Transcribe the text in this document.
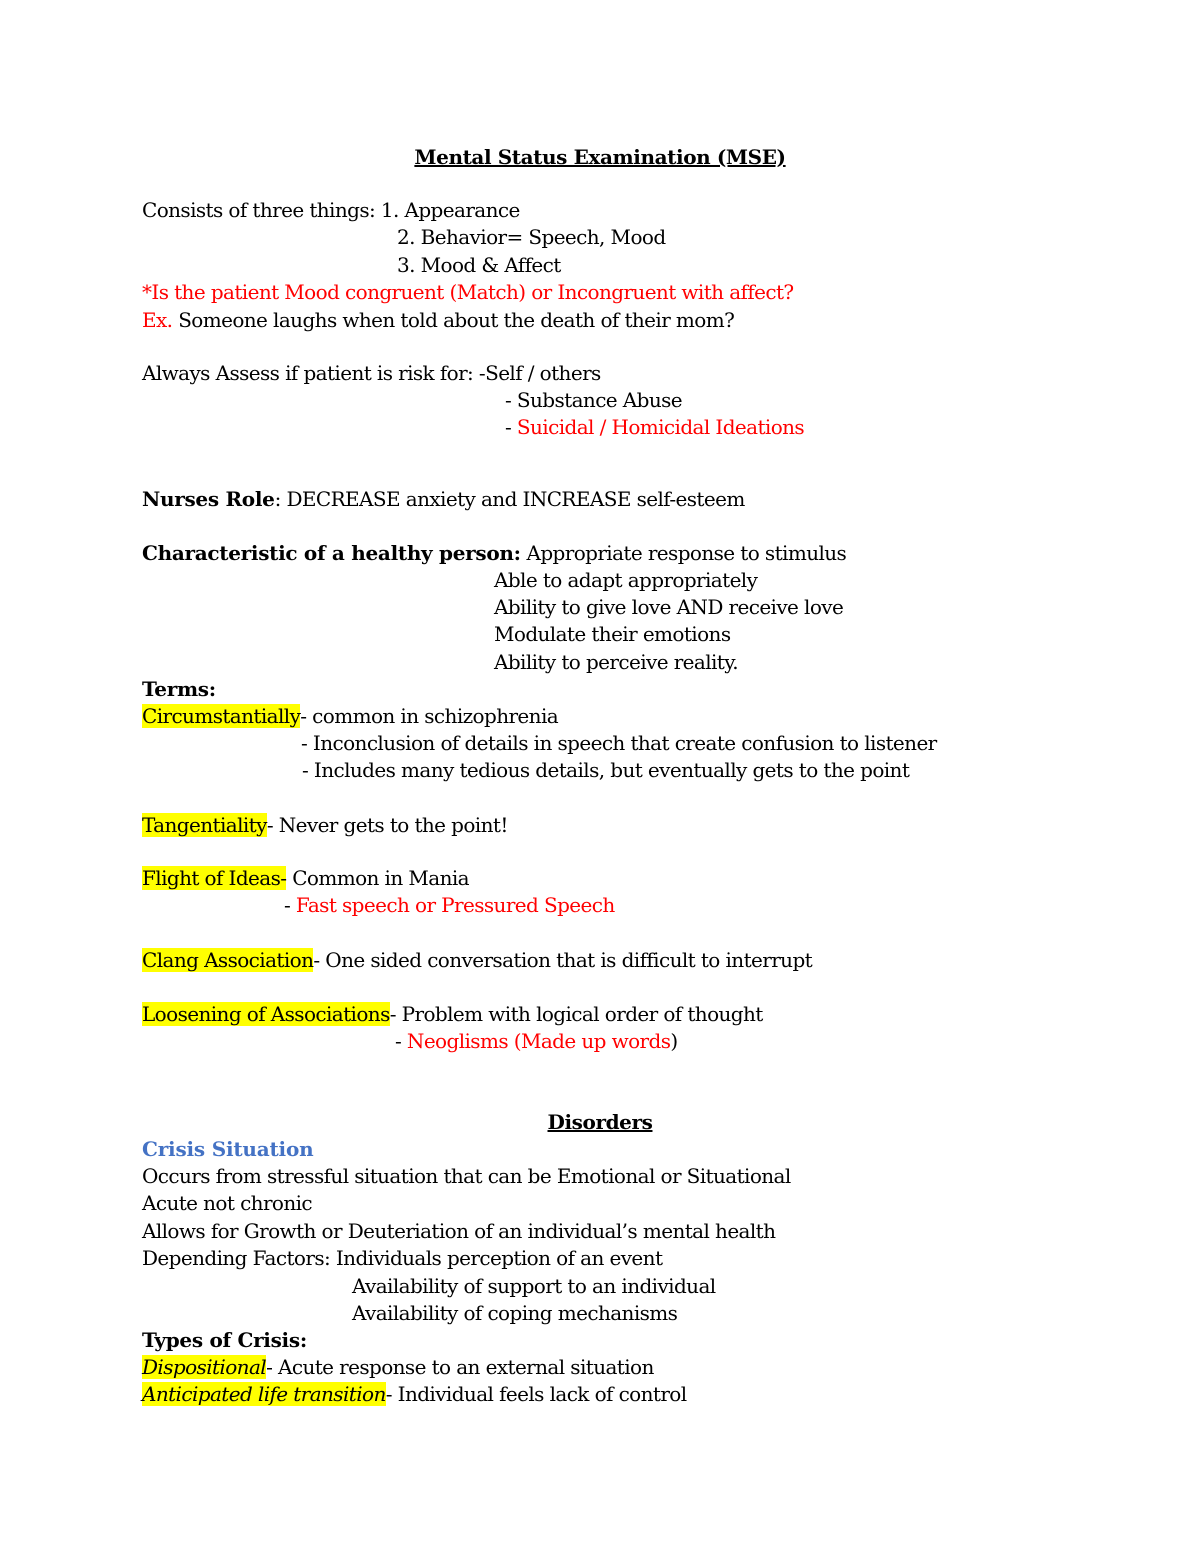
Mental Status Examination (MSE)
Consists of three things: 1. Appearance
2. Behavior= Speech, Mood
3. Mood & Affect
*Is the patient Mood congruent (Match) or Incongruent with affect?
Ex. Someone laughs when told about the death of their mom?
Always Assess if patient is risk for: -Self / others
- Substance Abuse
- Suicidal / Homicidal Ideations
Nurses Role: DECREASE anxiety and INCREASE self-esteem
Characteristic of a healthy person: Appropriate response to stimulus
Able to adapt appropriately
Ability to give love AND receive love
Modulate their emotions
Ability to perceive reality.
Terms:
Circumstantially- common in schizophrenia
- Inconclusion of details in speech that create confusion to listener
- Includes many tedious details, but eventually gets to the point
Tangentiality- Never gets to the point!
Flight of Ideas- Common in Mania
- Fast speech or Pressured Speech
Clang Association- One sided conversation that is difficult to interrupt
Loosening of Associations- Problem with logical order of thought
- Neoglisms (Made up words)
Disorders
Crisis Situation
Occurs from stressful situation that can be Emotional or Situational
Acute not chronic
Allows for Growth or Deuteriation of an individual’s mental health
Depending Factors: Individuals perception of an event
Availability of support to an individual
Availability of coping mechanisms
Types of Crisis:
Dispositional- Acute response to an external situation
Anticipated life transition- Individual feels lack of control
